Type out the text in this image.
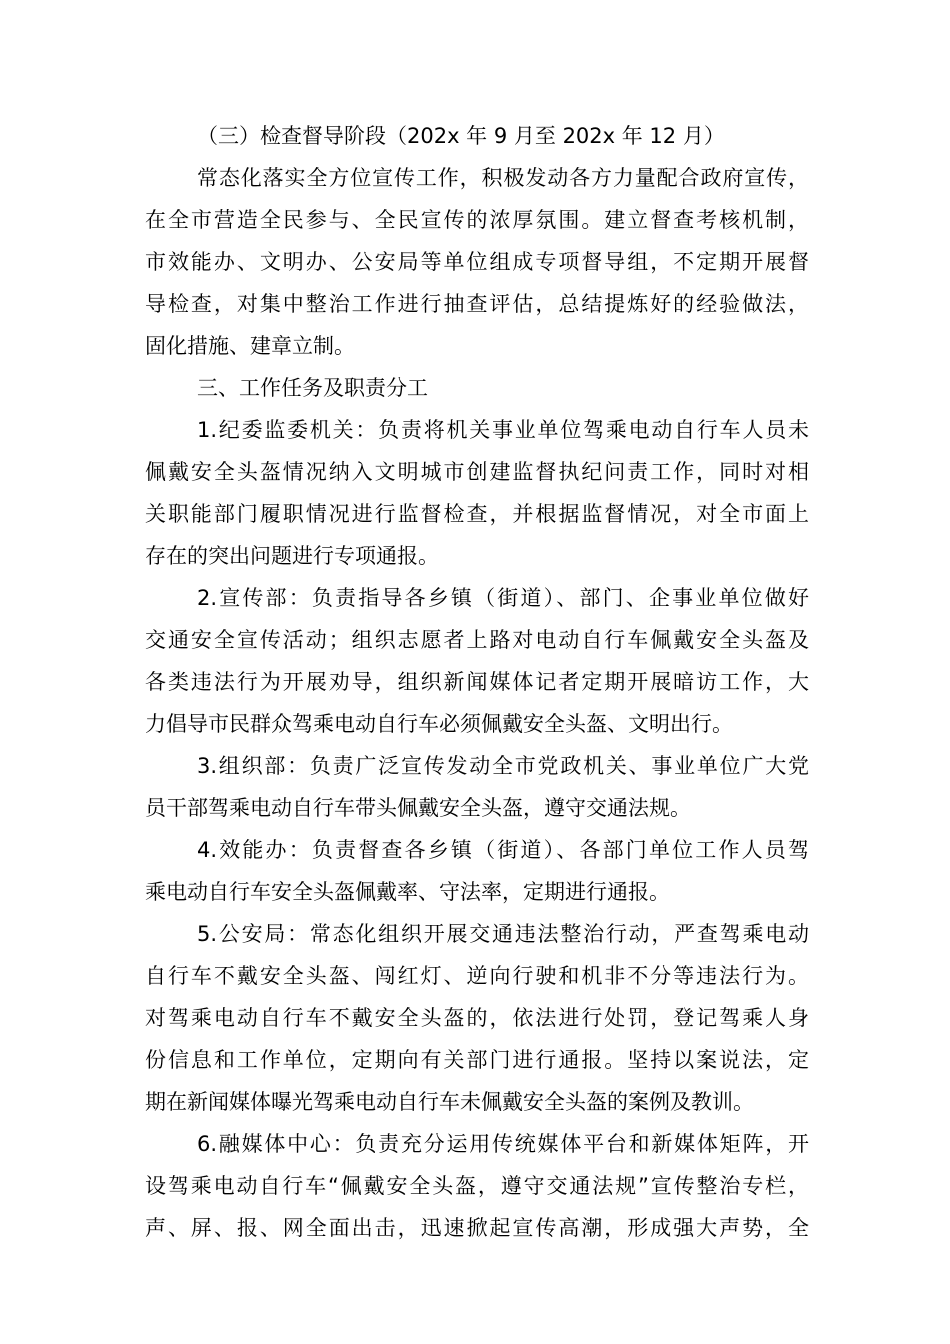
（三）检查督导阶段（202x 年 9 月至 202x 年 12 月）
常态化落实全方位宣传工作，积极发动各方力量配合政府宣传，
在全市营造全民参与、全民宣传的浓厚氛围。建立督查考核机制，
市效能办、文明办、公安局等单位组成专项督导组，不定期开展督
导检查，对集中整治工作进行抽查评估，总结提炼好的经验做法，
固化措施、建章立制。
三、工作任务及职责分工
1.纪委监委机关：负责将机关事业单位驾乘电动自行车人员未
佩戴安全头盔情况纳入文明城市创建监督执纪问责工作，同时对相
关职能部门履职情况进行监督检查，并根据监督情况，对全市面上
存在的突出问题进行专项通报。
2.宣传部：负责指导各乡镇（街道）、部门、企事业单位做好
交通安全宣传活动；组织志愿者上路对电动自行车佩戴安全头盔及
各类违法行为开展劝导，组织新闻媒体记者定期开展暗访工作，大
力倡导市民群众驾乘电动自行车必须佩戴安全头盔、文明出行。
3.组织部：负责广泛宣传发动全市党政机关、事业单位广大党
员干部驾乘电动自行车带头佩戴安全头盔，遵守交通法规。
4.效能办：负责督查各乡镇（街道）、各部门单位工作人员驾
乘电动自行车安全头盔佩戴率、守法率，定期进行通报。
5.公安局：常态化组织开展交通违法整治行动，严查驾乘电动
自行车不戴安全头盔、闯红灯、逆向行驶和机非不分等违法行为。
对驾乘电动自行车不戴安全头盔的，依法进行处罚，登记驾乘人身
份信息和工作单位，定期向有关部门进行通报。坚持以案说法，定
期在新闻媒体曝光驾乘电动自行车未佩戴安全头盔的案例及教训。
6.融媒体中心：负责充分运用传统媒体平台和新媒体矩阵，开
设驾乘电动自行车“佩戴安全头盔，遵守交通法规”宣传整治专栏，
声、屏、报、网全面出击，迅速掀起宣传高潮，形成强大声势，全
